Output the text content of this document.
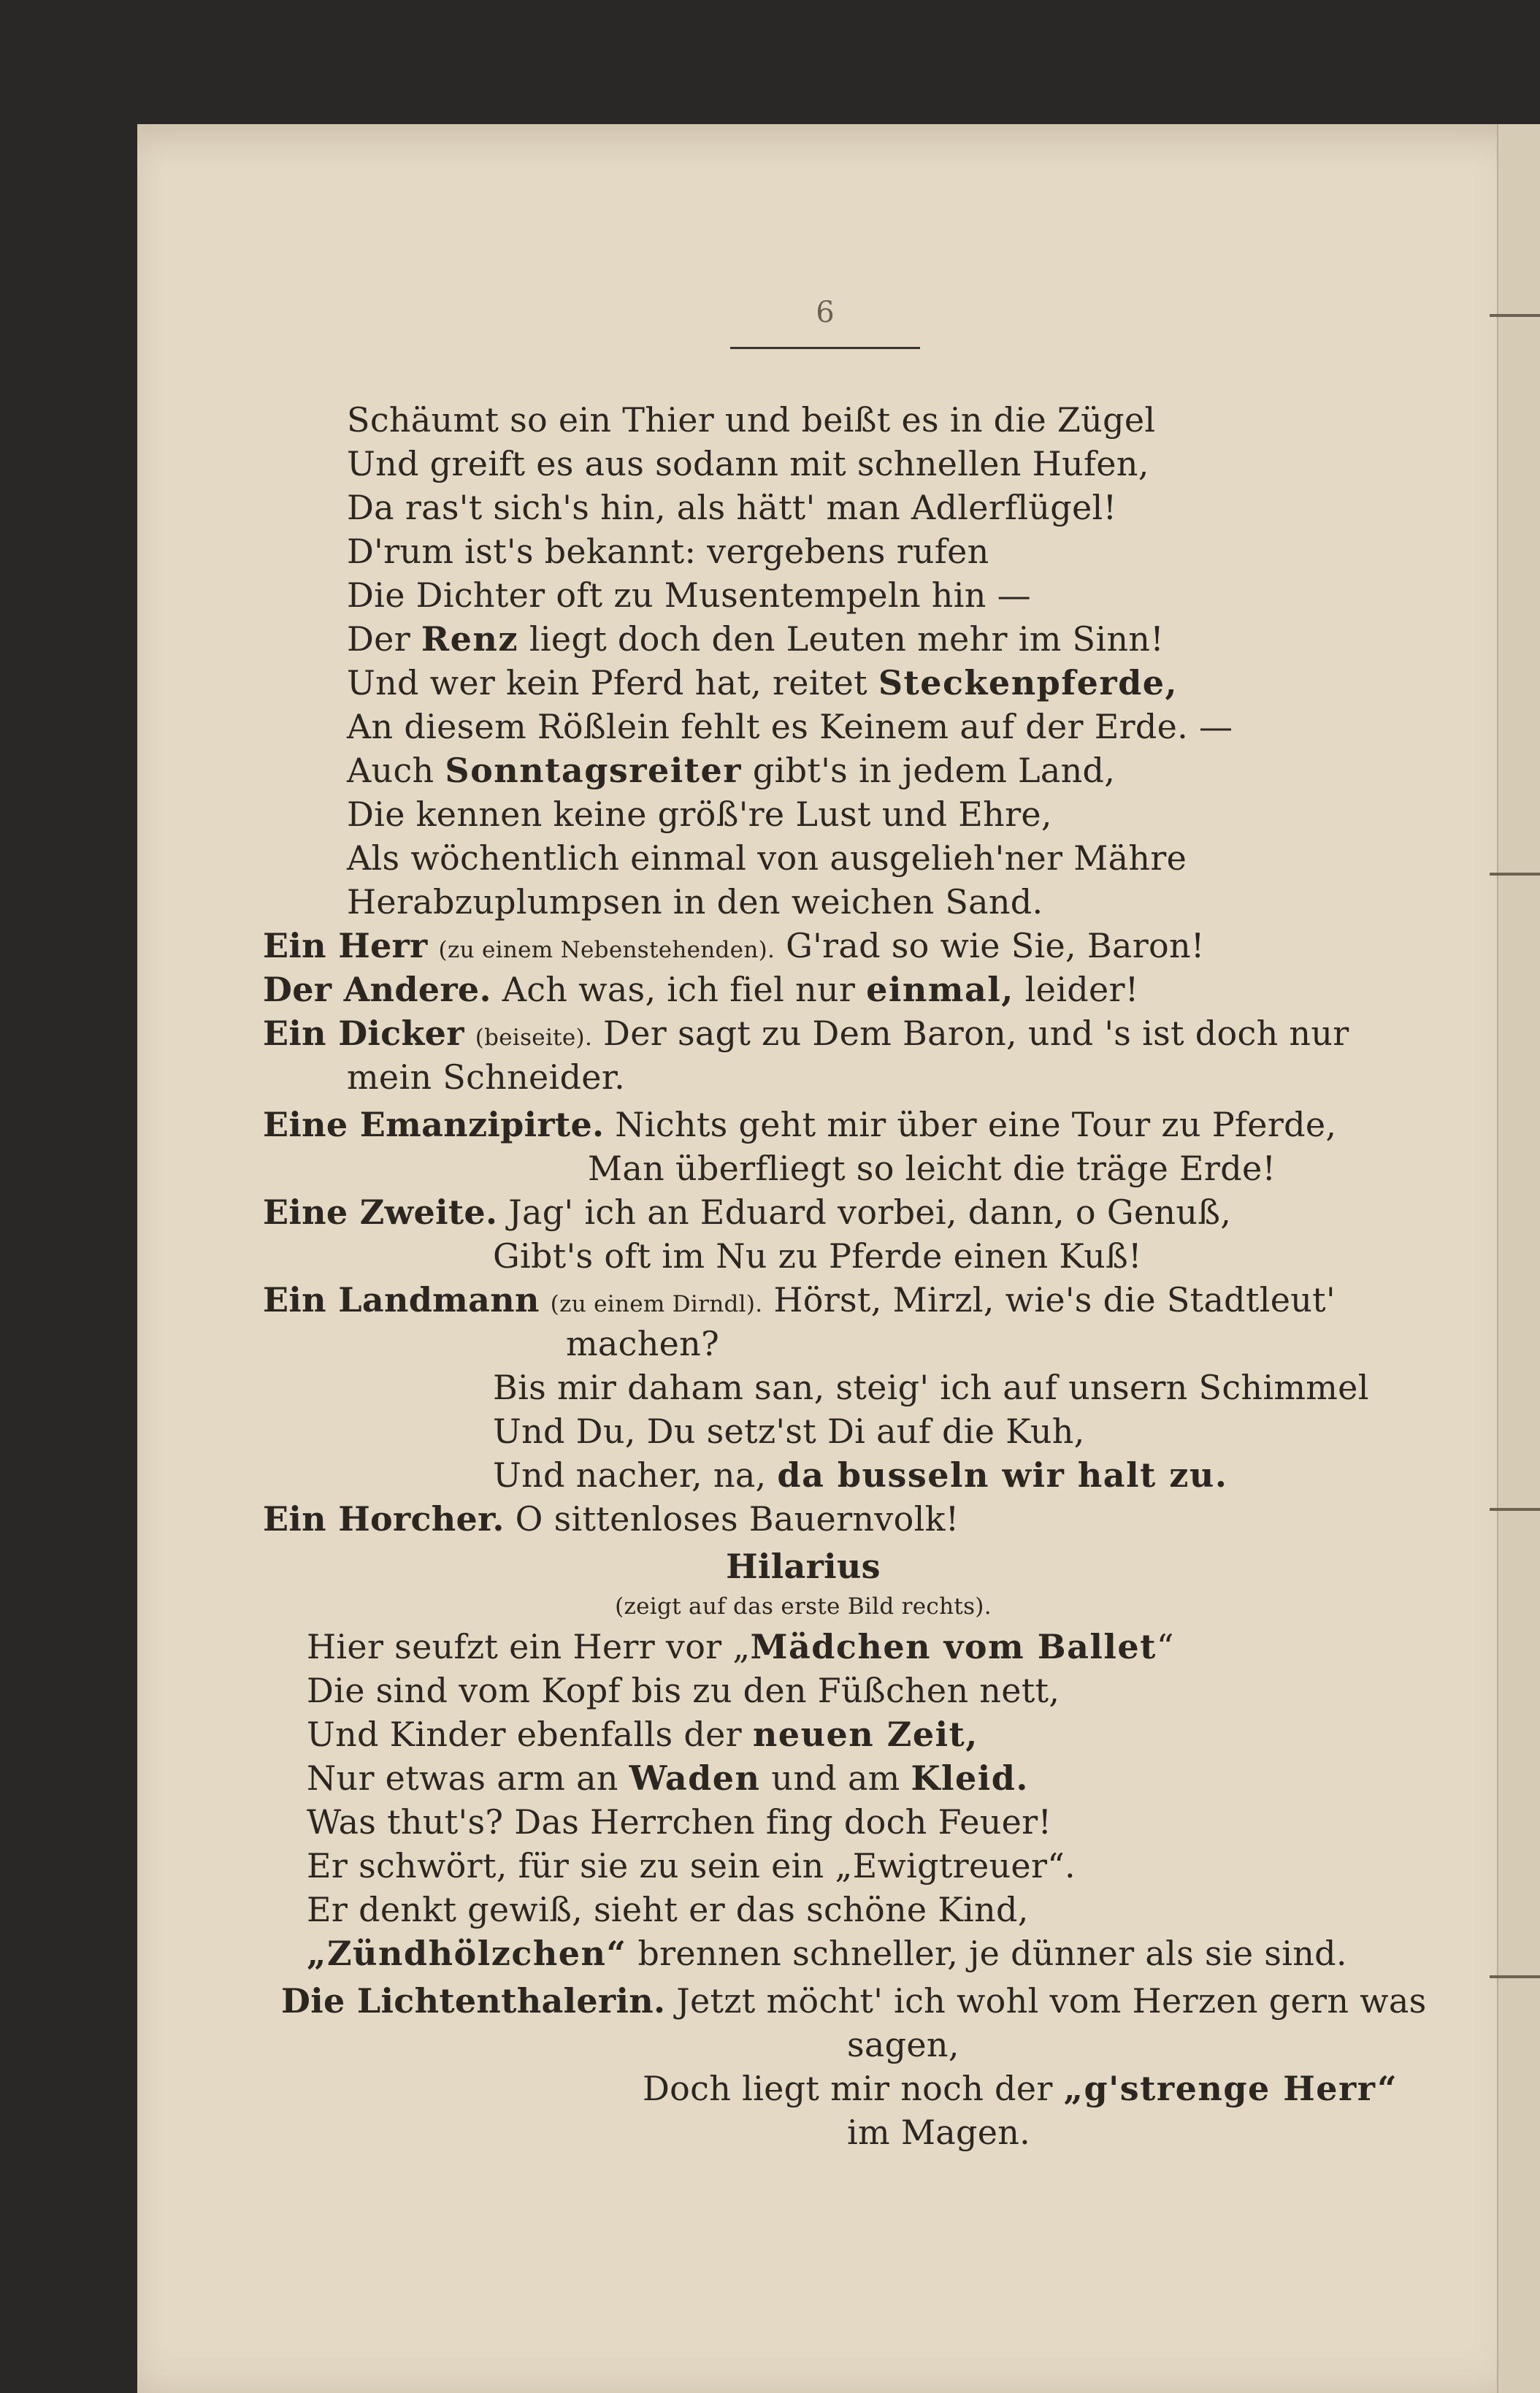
6
Schäumt so ein Thier und beißt es in die Zügel
Und greift es aus sodann mit schnellen Hufen,
Da ras't sich's hin, als hätt' man Adlerflügel!
D'rum ist's bekannt: vergebens rufen
Die Dichter oft zu Musentempeln hin —
Der Renz liegt doch den Leuten mehr im Sinn!
Und wer kein Pferd hat, reitet Steckenpferde,
An diesem Rößlein fehlt es Keinem auf der Erde. —
Auch Sonntagsreiter gibt's in jedem Land,
Die kennen keine größ're Lust und Ehre,
Als wöchentlich einmal von ausgelieh'ner Mähre
Herabzuplumpsen in den weichen Sand.
Ein Herr (zu einem Nebenstehenden). G'rad so wie Sie, Baron!
Der Andere. Ach was, ich fiel nur einmal, leider!
Ein Dicker (beiseite). Der sagt zu Dem Baron, und 's ist doch nur
mein Schneider.
Eine Emanzipirte. Nichts geht mir über eine Tour zu Pferde,
Man überfliegt so leicht die träge Erde!
Eine Zweite. Jag' ich an Eduard vorbei, dann, o Genuß,
Gibt's oft im Nu zu Pferde einen Kuß!
Ein Landmann (zu einem Dirndl). Hörst, Mirzl, wie's die Stadtleut'
machen?
Bis mir daham san, steig' ich auf unsern Schimmel
Und Du, Du setz'st Di auf die Kuh,
Und nacher, na, da busseln wir halt zu.
Ein Horcher. O sittenloses Bauernvolk!
Hilarius
(zeigt auf das erste Bild rechts).
Hier seufzt ein Herr vor „Mädchen vom Ballet“
Die sind vom Kopf bis zu den Füßchen nett,
Und Kinder ebenfalls der neuen Zeit,
Nur etwas arm an Waden und am Kleid.
Was thut's? Das Herrchen fing doch Feuer!
Er schwört, für sie zu sein ein „Ewigtreuer“.
Er denkt gewiß, sieht er das schöne Kind,
„Zündhölzchen“ brennen schneller, je dünner als sie sind.
Die Lichtenthalerin. Jetzt möcht' ich wohl vom Herzen gern was
sagen,
Doch liegt mir noch der „g'strenge Herr“
im Magen.
